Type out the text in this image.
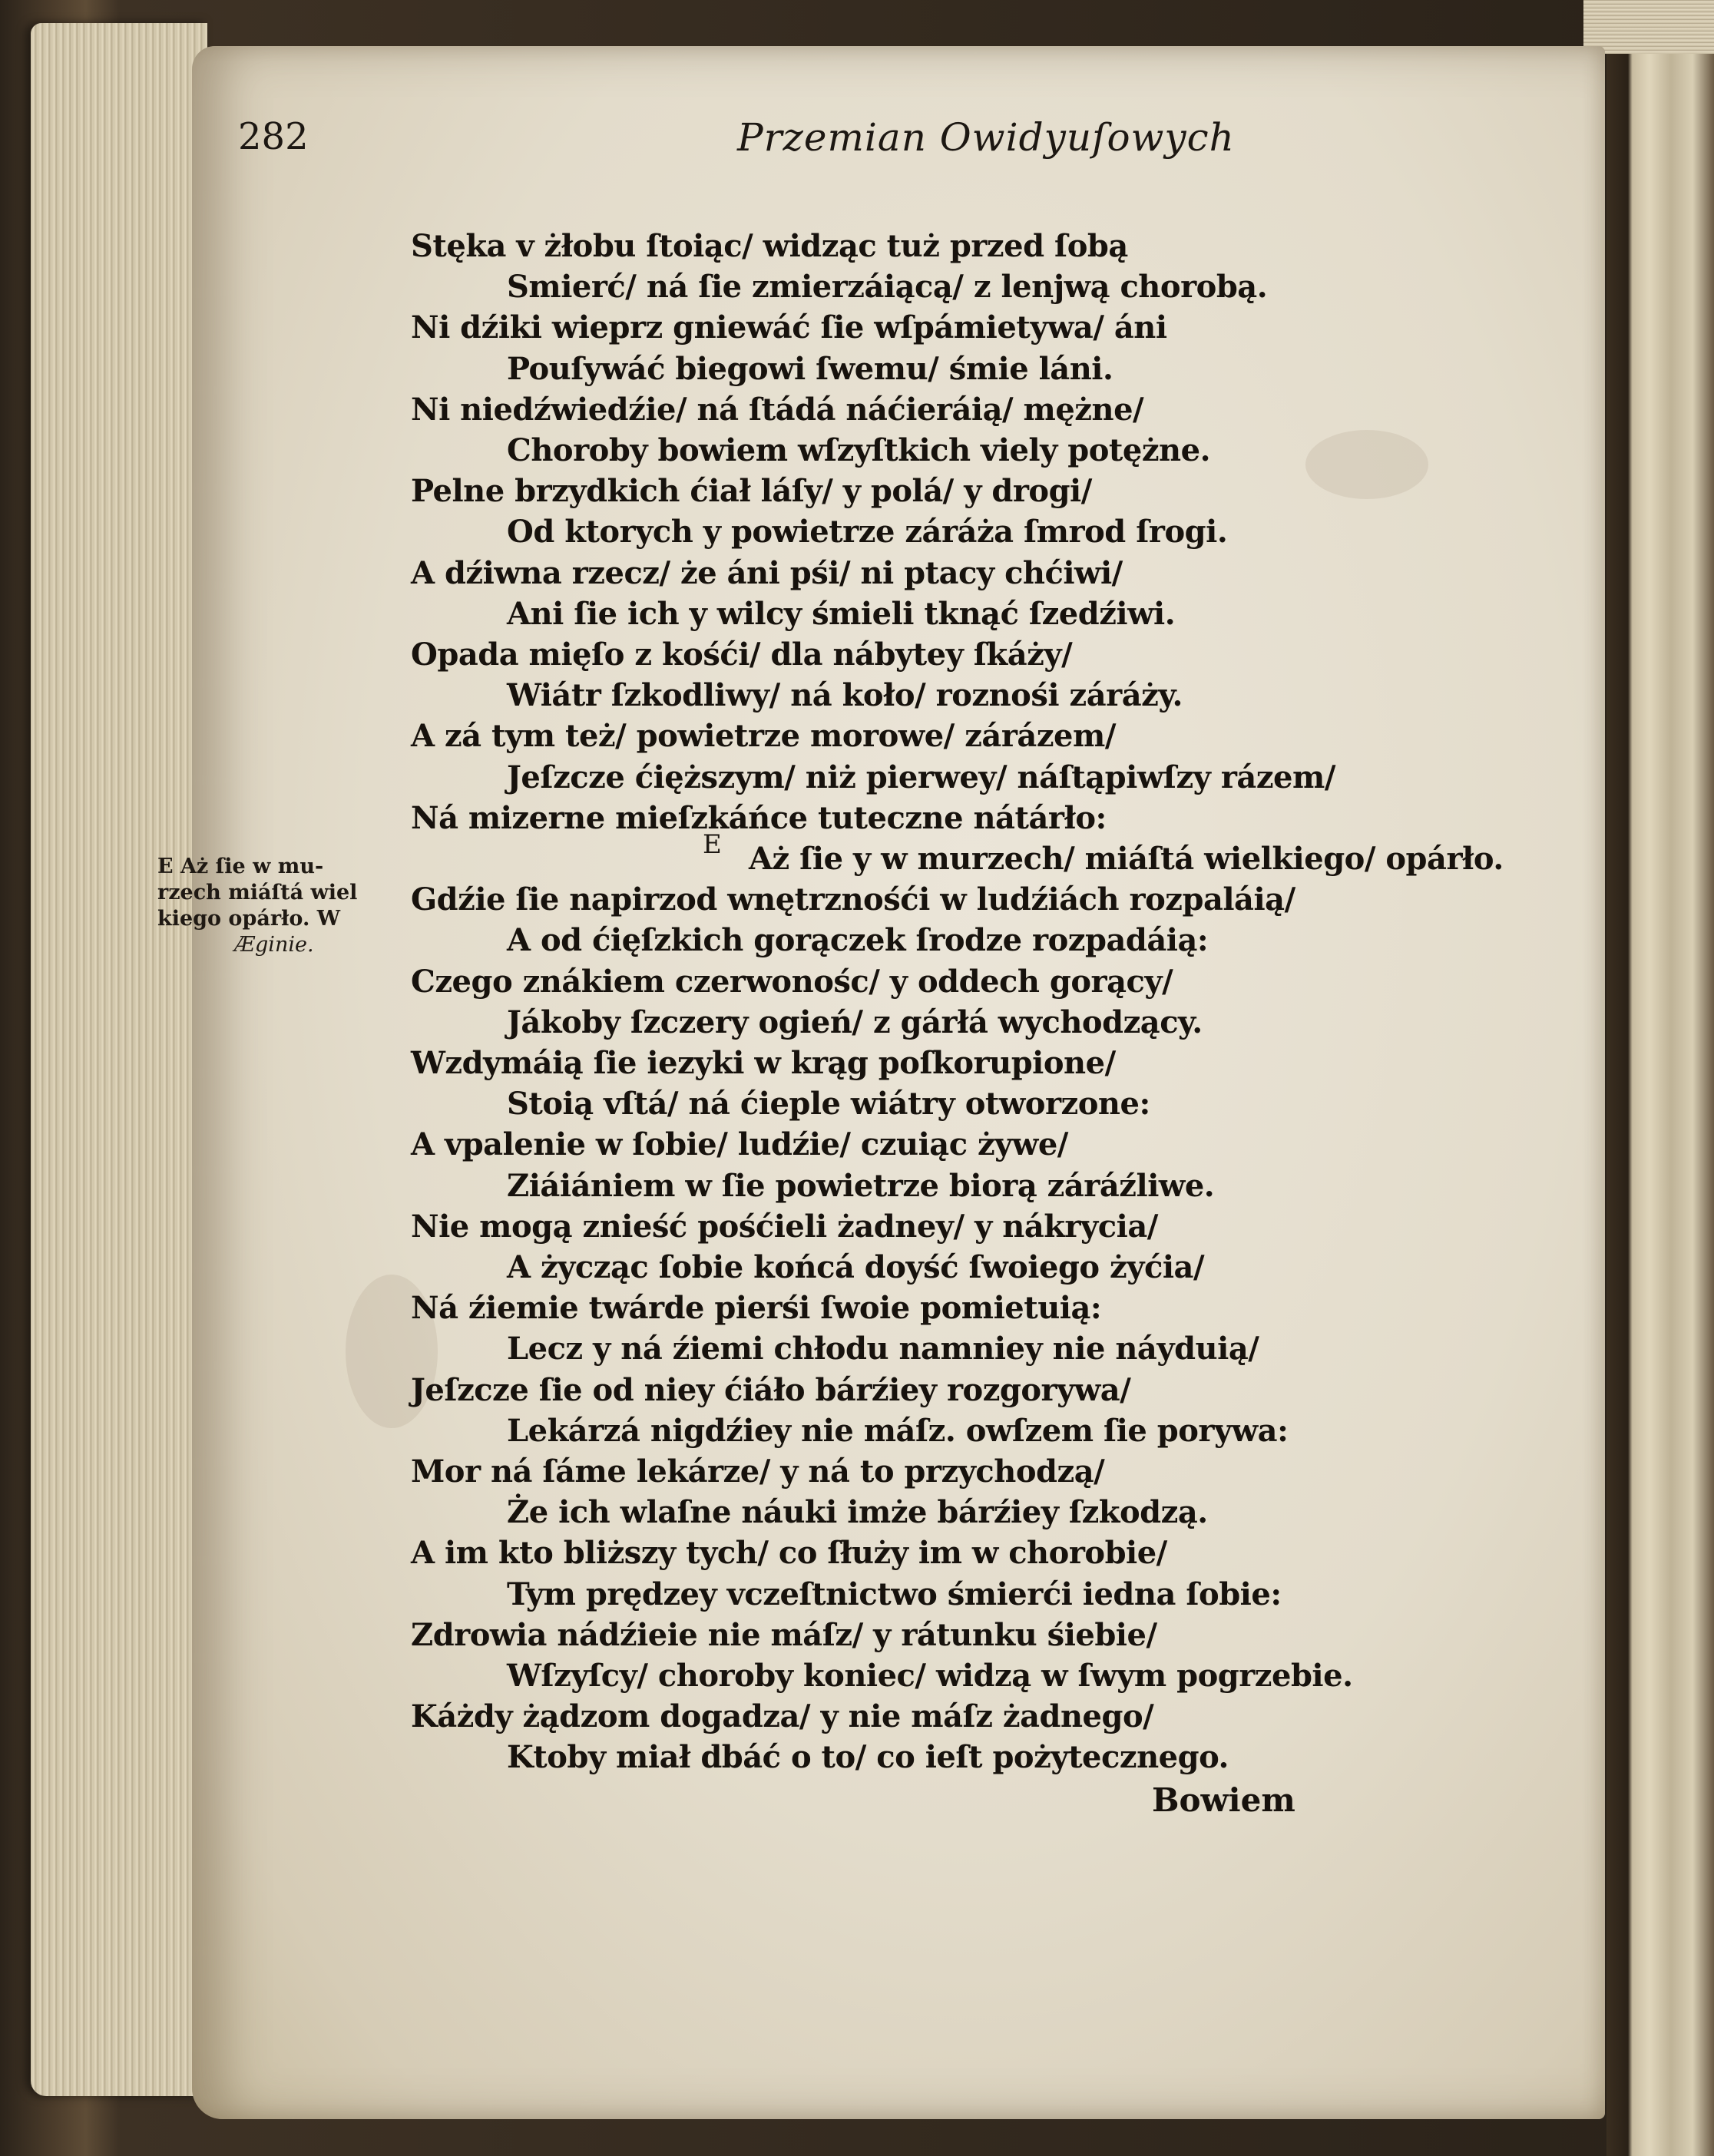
282	Przemian Owidyuſowych
Stęka v żłobu ſtoiąc/ widząc tuż przed ſobą
Smierć/ ná ſie zmierzáiącą/ z lenjwą chorobą.
Ni dźiki wieprz gniewáć ſie wſpámietywa/ áni
Pouſywáć biegowi ſwemu/ śmie láni.
Ni niedźwiedźie/ ná ſtádá náćieráią/ mężne/
Choroby bowiem wſzyſtkich viely potężne.
Pelne brzydkich ćiał láſy/ y polá/ y drogi/
Od ktorych y powietrze záráża ſmrod ſrogi.
A dźiwna rzecz/ że áni pśi/ ni ptacy chćiwi/
Ani ſie ich y wilcy śmieli tknąć ſzedźiwi.
Opada mięſo z kośći/ dla nábytey ſkáży/
Wiátr ſzkodliwy/ ná koło/ roznośi záráży.
A zá tym też/ powietrze morowe/ zárázem/
Jeſzcze ćięższym/ niż pierwey/ náſtąpiwſzy rázem/
Ná mizerne mieſzkáńce tuteczne nátárło:
Aż ſie y w murzech/ miáſtá wielkiego/ opárło.
Gdźie ſie napirzod wnętrznośći w ludźiách rozpaláią/
A od ćięſzkich gorączek ſrodze rozpadáią:
Czego znákiem czerwonośc/ y oddech gorący/
Jákoby ſzczery ogień/ z gárłá wychodzący.
Wzdymáią ſie iezyki w krąg poſkorupione/
Stoią vſtá/ ná ćieple wiátry otworzone:
A vpalenie w ſobie/ ludźie/ czuiąc żywe/
Ziáiániem w ſie powietrze biorą záráźliwe.
Nie mogą znieść pośćieli żadney/ y nákrycia/
A życząc ſobie końcá doyść ſwoiego żyćia/
Ná źiemie twárde pierśi ſwoie pomietuią:
Lecz y ná źiemi chłodu namniey nie náyduią/
Jeſzcze ſie od niey ćiáło bárźiey rozgorywa/
Lekárzá nigdźiey nie máſz. owſzem ſie porywa:
Mor ná ſáme lekárze/ y ná to przychodzą/
Że ich wlaſne náuki imże bárźiey ſzkodzą.
A im kto bliższy tych/ co ſłuży im w chorobie/
Tym prędzey vczeſtnictwo śmierći iedna ſobie:
Zdrowia nádźieie nie máſz/ y rátunku śiebie/
Wſzyſcy/ choroby koniec/ widzą w ſwym pogrzebie.
Káżdy żądzom dogadza/ y nie máſz żadnego/
Ktoby miał dbáć o to/ co ieſt pożytecznego.
E
E Aż ſie w mu-
rzech miáſtá wiel
kiego opárło. W
Æginie.
Bowiem
